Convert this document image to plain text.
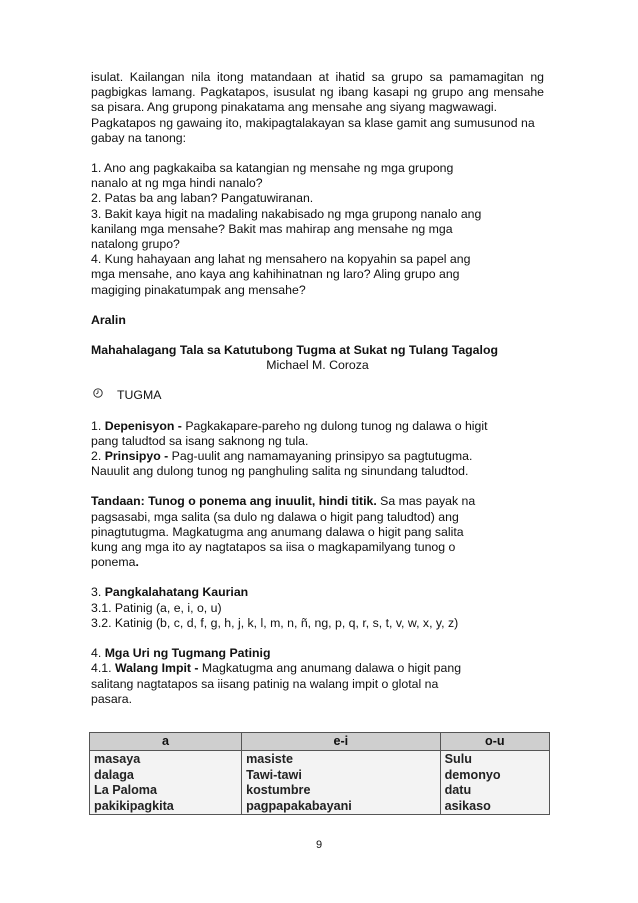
isulat. Kailangan nila itong matandaan at ihatid sa grupo sa pamamagitan ng pagbigkas lamang. Pagkatapos, isusulat ng ibang kasapi ng grupo ang mensahe sa pisara. Ang grupong pinakatama ang mensahe ang siyang magwawagi.

Pagkatapos ng gawaing ito, makipagtalakayan sa klase gamit ang sumusunod na gabay na tanong:

1. Ano ang pagkakaiba sa katangian ng mensahe ng mga grupong

nanalo at ng mga hindi nanalo?

2. Patas ba ang laban? Pangatuwiranan.

3. Bakit kaya higit na madaling nakabisado ng mga grupong nanalo ang

kanilang mga mensahe? Bakit mas mahirap ang mensahe ng mga

natalong grupo?

4. Kung hahayaan ang lahat ng mensahero na kopyahin sa papel ang

mga mensahe, ano kaya ang kahihinatnan ng laro? Aling grupo ang

magiging pinakatumpak ang mensahe?

Aralin

Mahahalagang Tala sa Katutubong Tugma at Sukat ng Tulang Tagalog

Michael M. Coroza

TUGMA

1. Depenisyon - Pagkakapare-pareho ng dulong tunog ng dalawa o higit

pang taludtod sa isang saknong ng tula.

2. Prinsipyo - Pag-uulit ang namamayaning prinsipyo sa pagtutugma.

Nauulit ang dulong tunog ng panghuling salita ng sinundang taludtod.

Tandaan: Tunog o ponema ang inuulit, hindi titik. Sa mas payak na

pagsasabi, mga salita (sa dulo ng dalawa o higit pang taludtod) ang

pinagtutugma. Magkatugma ang anumang dalawa o higit pang salita

kung ang mga ito ay nagtatapos sa iisa o magkapamilyang tunog o

ponema.

3. Pangkalahatang Kaurian

3.1. Patinig (a, e, i, o, u)

3.2. Katinig (b, c, d, f, g, h, j, k, l, m, n, ñ, ng, p, q, r, s, t, v, w, x, y, z)

4. Mga Uri ng Tugmang Patinig

4.1. Walang Impit - Magkatugma ang anumang dalawa o higit pang

salitang nagtatapos sa iisang patinig na walang impit o glotal na

pasara.

a	e-i	o-u
masaya	masiste	Sulu
dalaga	Tawi-tawi	demonyo
La Paloma	kostumbre	datu
pakikipagkita	pagpapakabayani	asikaso
9
